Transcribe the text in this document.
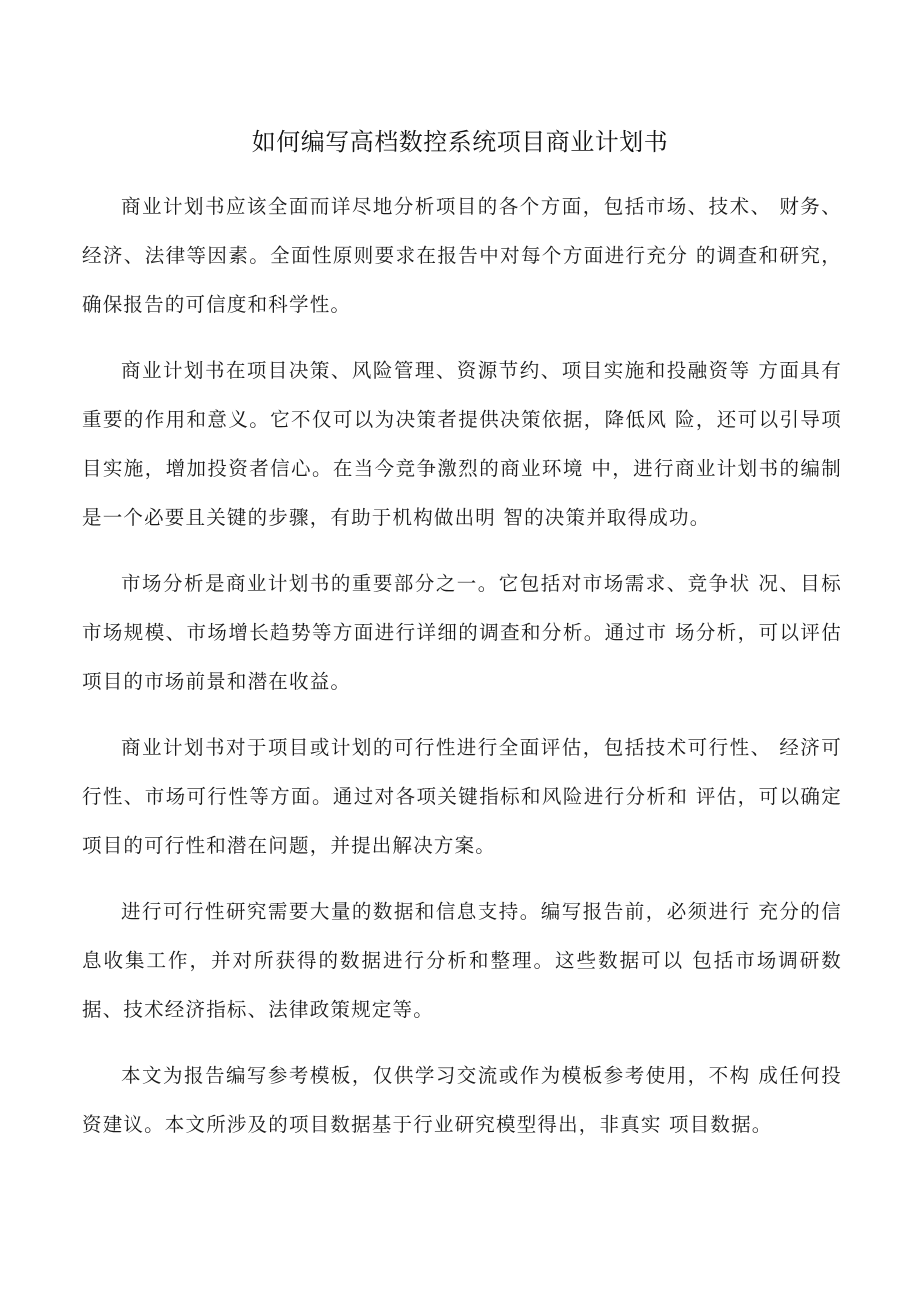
如何编写高档数控系统项目商业计划书

商业计划书应该全面而详尽地分析项目的各个方面，包括市场、技术、 财务、经济、法律等因素。全面性原则要求在报告中对每个方面进行充分 的调查和研究，确保报告的可信度和科学性。

商业计划书在项目决策、风险管理、资源节约、项目实施和投融资等 方面具有重要的作用和意义。它不仅可以为决策者提供决策依据，降低风 险，还可以引导项目实施，增加投资者信心。在当今竞争激烈的商业环境 中，进行商业计划书的编制是一个必要且关键的步骤，有助于机构做出明 智的决策并取得成功。

市场分析是商业计划书的重要部分之一。它包括对市场需求、竞争状 况、目标市场规模、市场增长趋势等方面进行详细的调查和分析。通过市 场分析，可以评估项目的市场前景和潜在收益。

商业计划书对于项目或计划的可行性进行全面评估，包括技术可行性、 经济可行性、市场可行性等方面。通过对各项关键指标和风险进行分析和 评估，可以确定项目的可行性和潜在问题，并提出解决方案。

进行可行性研究需要大量的数据和信息支持。编写报告前，必须进行 充分的信息收集工作，并对所获得的数据进行分析和整理。这些数据可以 包括市场调研数据、技术经济指标、法律政策规定等。

本文为报告编写参考模板，仅供学习交流或作为模板参考使用，不构 成任何投资建议。本文所涉及的项目数据基于行业研究模型得出，非真实 项目数据。
